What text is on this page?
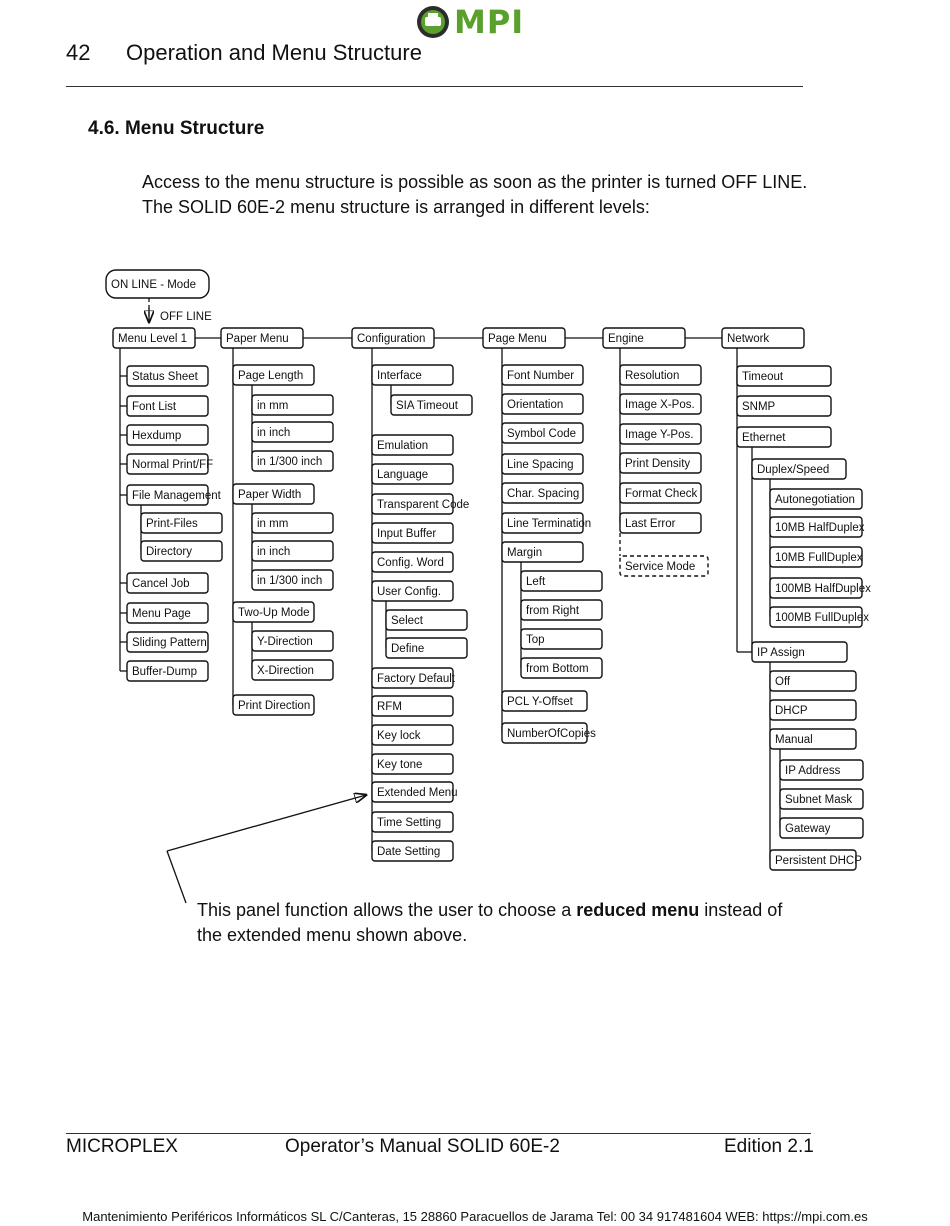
MPI
42 Operation and Menu Structure
4.6. Menu Structure
Access to the menu structure is possible as soon as the printer is turned OFF LINE.
The SOLID 60E-2 menu structure is arranged in different levels:
ON LINE - Mode
OFF LINE
Menu Level 1	Paper Menu	Configuration	Page Menu	Engine	Network
Status Sheet
Font List
Hexdump
Normal Print/FF
File Management
Cancel Job
Menu Page
Sliding Pattern
Buffer-Dump
Print-Files
Directory
Page Length
Paper Width
Two-Up Mode
Print Direction
in mm
in inch
in 1/300 inch
in mm
in inch
in 1/300 inch
Y-Direction
X-Direction
Interface
Emulation
Language
Transparent Code
Input Buffer
Config. Word
User Config.
Factory Default
RFM
Key lock
Key tone
Extended Menu
Time Setting
Date Setting
SIA Timeout
Select
Define
Font Number
Orientation
Symbol Code
Line Spacing
Char. Spacing
Line Termination
Margin
PCL Y-Offset
NumberOfCopies
Left
from Right
Top
from Bottom
Resolution
Image X-Pos.
Image Y-Pos.
Print Density
Format Check
Last Error
Service Mode
Timeout
SNMP
Ethernet
IP Assign
Duplex/Speed
Autonegotiation
10MB HalfDuplex
10MB FullDuplex
100MB HalfDuplex
100MB FullDuplex
Off
DHCP
Manual
Persistent DHCP
IP Address
Subnet Mask
Gateway
This panel function allows the user to choose a reduced menu instead of
the extended menu shown above.
MICROPLEX	Operator’s Manual SOLID 60E-2	Edition 2.1
Mantenimiento Periféricos Informáticos SL C/Canteras, 15 28860 Paracuellos de Jarama Tel: 00 34 917481604 WEB: https://mpi.com.es
